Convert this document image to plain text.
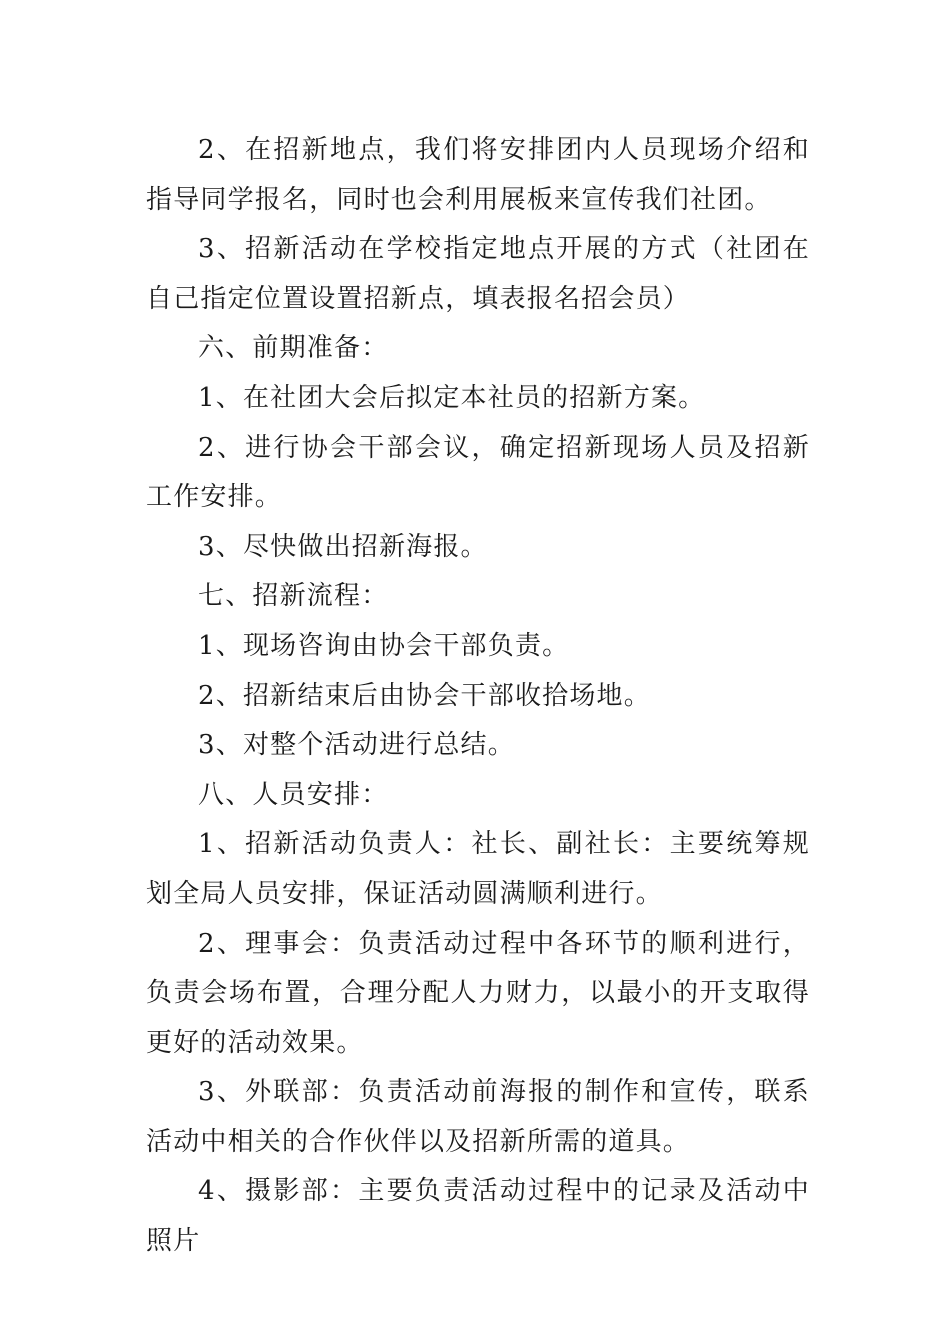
2、在招新地点，我们将安排团内人员现场介绍和指导同学报名，同时也会利用展板来宣传我们社团。

3、招新活动在学校指定地点开展的方式（社团在自己指定位置设置招新点，填表报名招会员）

六、前期准备：

1、在社团大会后拟定本社员的招新方案。

2、进行协会干部会议，确定招新现场人员及招新工作安排。

3、尽快做出招新海报。

七、招新流程：

1、现场咨询由协会干部负责。

2、招新结束后由协会干部收拾场地。

3、对整个活动进行总结。

八、人员安排：

1、招新活动负责人：社长、副社长：主要统筹规划全局人员安排，保证活动圆满顺利进行。

2、理事会：负责活动过程中各环节的顺利进行，负责会场布置，合理分配人力财力，以最小的开支取得更好的活动效果。

3、外联部：负责活动前海报的制作和宣传，联系活动中相关的合作伙伴以及招新所需的道具。

4、摄影部：主要负责活动过程中的记录及活动中照片
